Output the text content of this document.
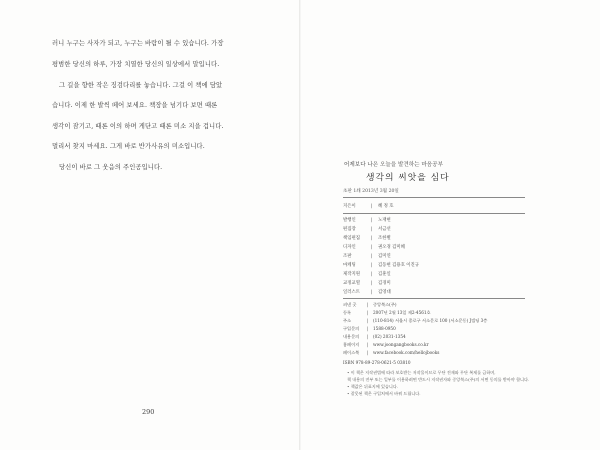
러니 누구는 사자가 되고, 누구는 바람이 될 수 있습니다. 가장
평범한 당신의 하루, 가장 치열한 당신의 일상에서 말입니다.
그 길을 향한 작은 징검다리를 놓습니다. 그걸 이 책에 담았
습니다. 이제 한 발씩 떼어 보세요. 책장을 넘기다 보면 때론
생각이 잠기고, 때론 이의 하며 게단고 때론 미소 지을 겁니다.
멀리서 찾지 마세요. 그게 바로 반가사유의 미소입니다.
당신이 바로 그 웃음의 주인공입니다.
290
어제보다 나은 오늘을 발견하는 마음공부
생각의 씨앗을 심다
초판 1쇄 2013년 3월 20일
지은이	| 혜 정 호
발행인	| 노재현
편집장	| 서금선
책임편집	| 조한별
디자인	| 권오경 김미혜
조판	| 김미연
마케팅	| 김동현 김용호 이진규
제작지원	| 김훈일
교정교열	| 김경미
일러스트	| 김영대
펴낸 곳	| 중앙북스(주)
등록	| 2007년 2월 13일 제2-4561호
주소	| (110-814) 서울시 종로구 서소문로 100 (서소문동) J빌딩 3층
구입문의 | 1588-0950
내용문의 | (02) 2031-1354
홈페이지 | www.joongangbooks.co.kr
페이스북 | www.facebook.com/hellojbooks
ISBN 978-89-278-0621-5 03810
• 이 책은 저작권법에 따라 보호받는 저작물이므로 무단 전재와 무단 복제를 금하며,
책 내용의 전부 또는 일부를 이용하려면 반드시 저작권자와 중앙북스(주)의 서면 동의를 받아야 합니다.
• 책값은 뒤표지에 있습니다.
• 잘못된 책은 구입처에서 바꿔 드립니다.
